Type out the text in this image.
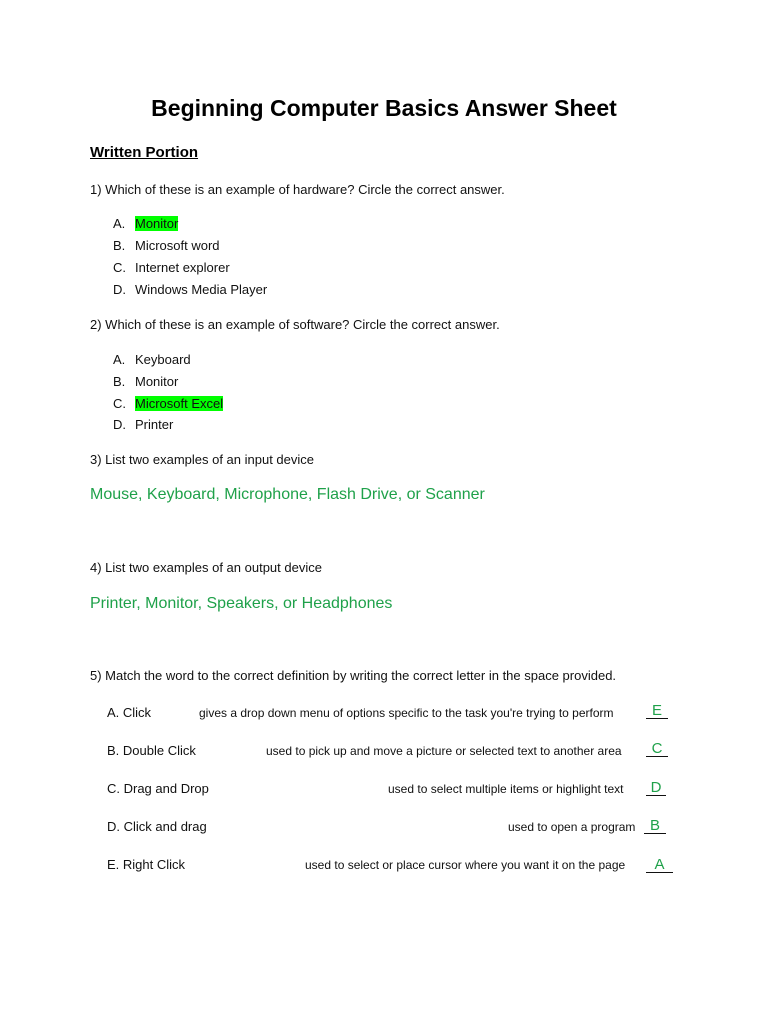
Beginning Computer Basics Answer Sheet
Written Portion
1) Which of these is an example of hardware? Circle the correct answer.
A. Monitor
B. Microsoft word
C. Internet explorer
D. Windows Media Player
2) Which of these is an example of software? Circle the correct answer.
A. Keyboard
B. Monitor
C. Microsoft Excel
D. Printer
3) List two examples of an input device
Mouse, Keyboard, Microphone, Flash Drive, or Scanner
4) List two examples of an output device
Printer, Monitor, Speakers, or Headphones
5) Match the word to the correct definition by writing the correct letter in the space provided.
A. Click	gives a drop down menu of options specific to the task you're trying to perform	E
B. Double Click	used to pick up and move a picture or selected text to another area	C
C. Drag and Drop	used to select multiple items or highlight text	D
D. Click and drag	used to open a program B
E. Right Click	used to select or place cursor where you want it on the page	A
